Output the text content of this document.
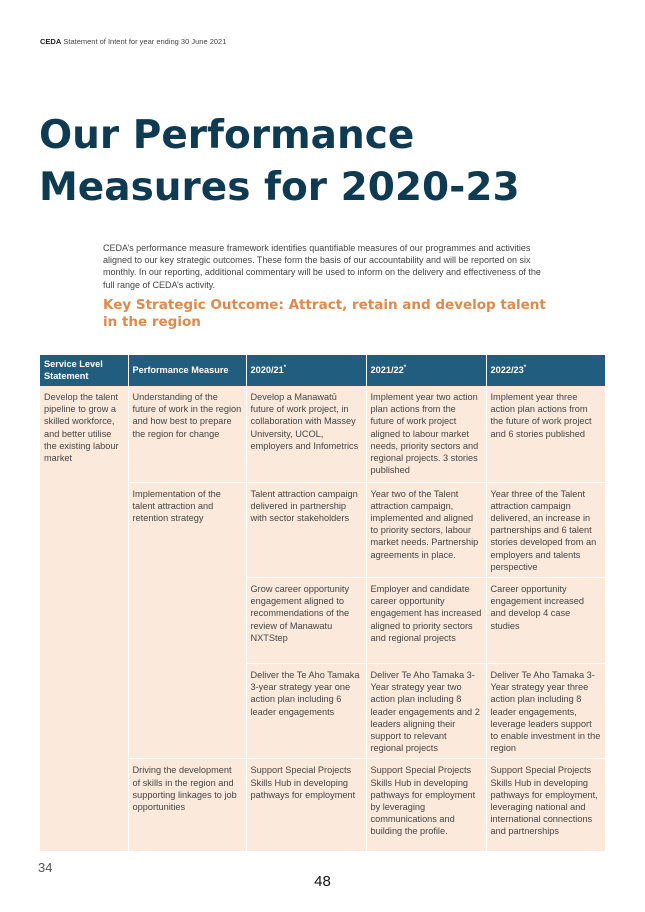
CEDA Statement of Intent for year ending 30 June 2021
Our Performance Measures for 2020-23

CEDA’s performance measure framework identifies quantifiable measures of our programmes and activities aligned to our key strategic outcomes. These form the basis of our accountability and will be reported on six monthly. In our reporting, additional commentary will be used to inform on the delivery and effectiveness of the full range of CEDA’s activity.

Key Strategic Outcome: Attract, retain and develop talent in the region
Service Level Statement	Performance Measure	2020/21*	2021/22*	2022/23*
Develop the talent pipeline to grow a skilled workforce, and better utilise the existing labour market	Understanding of the future of work in the region and how best to prepare the region for change	Develop a Manawatū future of work project, in collaboration with Massey University, UCOL, employers and Infometrics	Implement year two action plan actions from the future of work project aligned to labour market needs, priority sectors and regional projects. 3 stories published	Implement year three action plan actions from the future of work project and 6 stories published
	Implementation of the talent attraction and retention strategy	Talent attraction campaign delivered in partnership with sector stakeholders	Year two of the Talent attraction campaign, implemented and aligned to priority sectors, labour market needs. Partnership agreements in place.	Year three of the Talent attraction campaign delivered, an increase in partnerships and 6 talent stories developed from an employers and talents perspective
		Grow career opportunity engagement aligned to recommendations of the review of Manawatu NXTStep	Employer and candidate career opportunity engagement has increased aligned to priority sectors and regional projects	Career opportunity engagement increased and develop 4 case studies
		Deliver the Te Aho Tamaka 3-year strategy year one action plan including 6 leader engagements	Deliver Te Aho Tamaka 3-Year strategy year two action plan including 8 leader engagements and 2 leaders aligning their support to relevant regional projects	Deliver Te Aho Tamaka 3-Year strategy year three action plan including 8 leader engagements, leverage leaders support to enable investment in the region
	Driving the development of skills in the region and supporting linkages to job opportunities	Support Special Projects Skills Hub in developing pathways for employment	Support Special Projects Skills Hub in developing pathways for employment by leveraging communications and building the profile.	Support Special Projects Skills Hub in developing pathways for employment, leveraging national and international connections and partnerships
34
48
